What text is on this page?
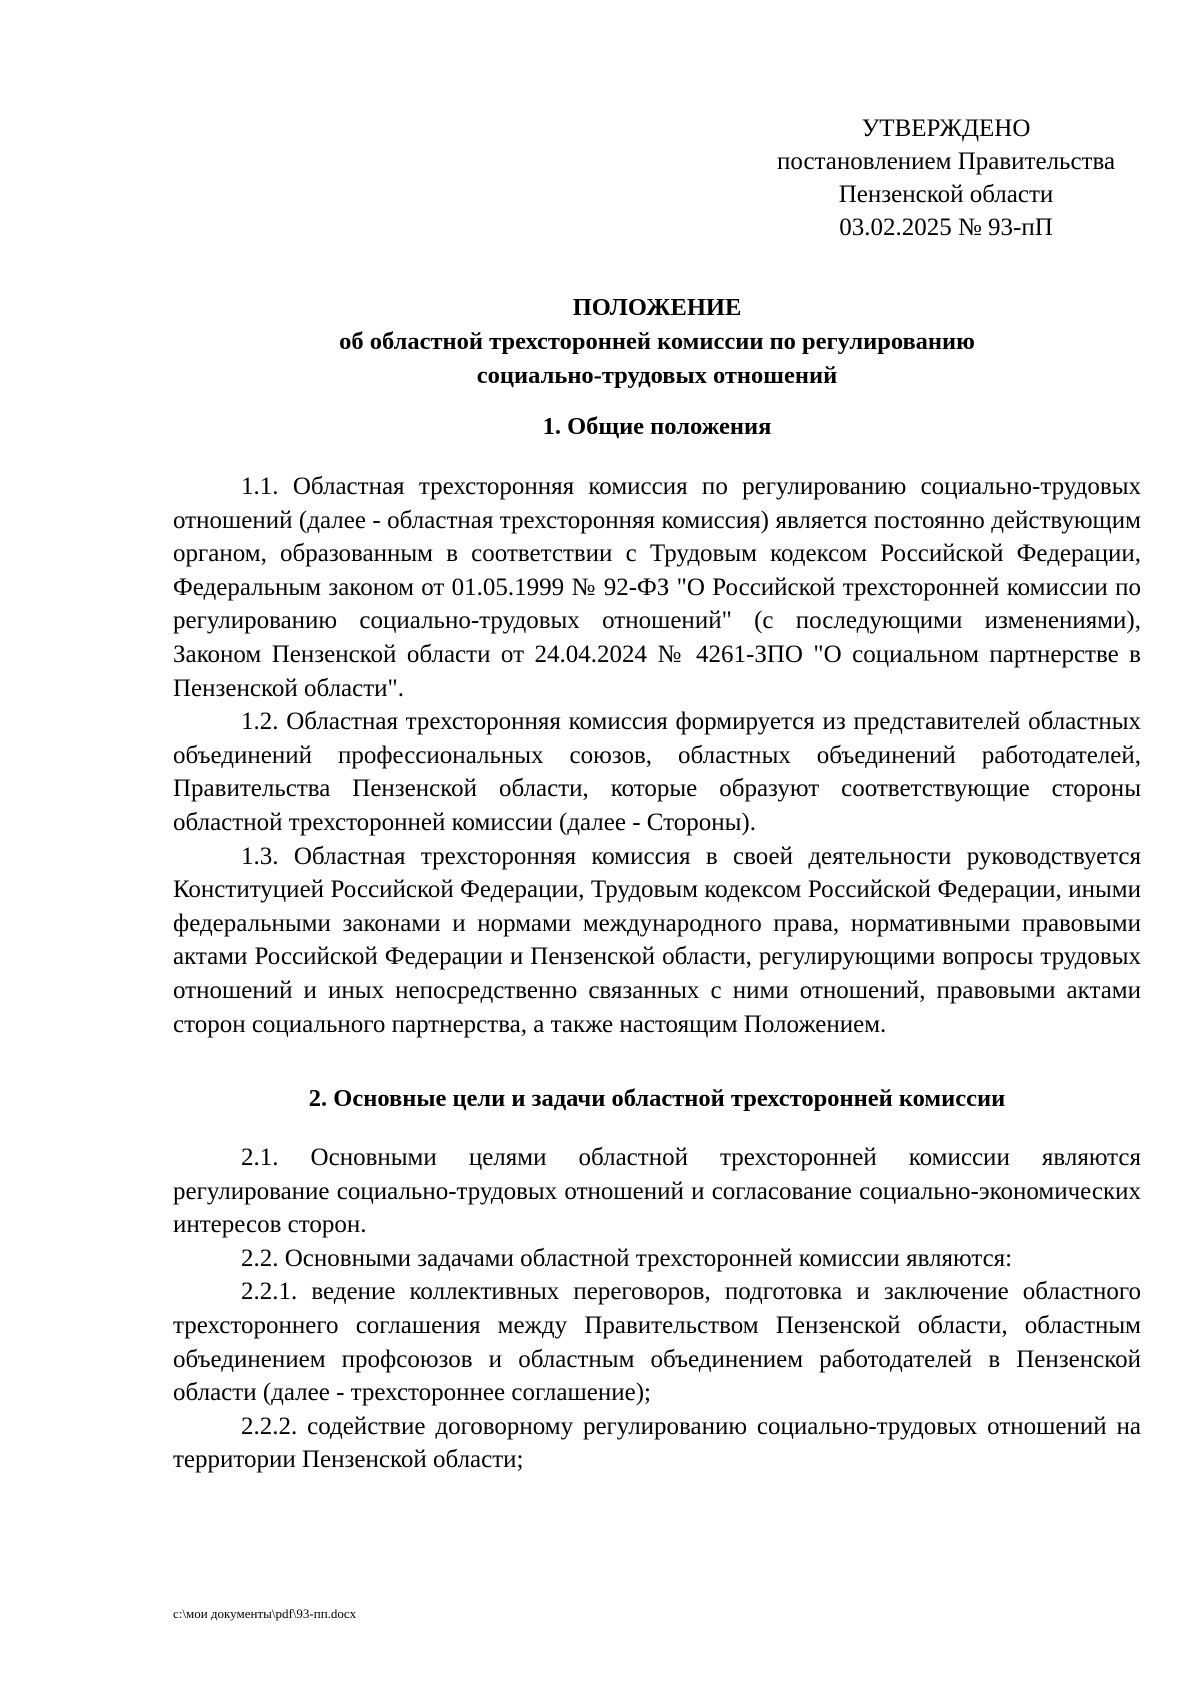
УТВЕРЖДЕНО
постановлением Правительства
Пензенской области
03.02.2025 № 93-пП
ПОЛОЖЕНИЕ
об областной трехсторонней комиссии по регулированию
социально-трудовых отношений
1. Общие положения

1.1. Областная трехсторонняя комиссия по регулированию социально-трудовых отношений (далее - областная трехсторонняя комиссия) является постоянно действующим органом, образованным в соответствии с Трудовым кодексом Российской Федерации, Федеральным законом от 01.05.1999 № 92-ФЗ "О Российской трехсторонней комиссии по регулированию социально-трудовых отношений" (с последующими изменениями), Законом Пензенской области от 24.04.2024 № 4261-ЗПО "О социальном партнерстве в Пензенской области".

1.2. Областная трехсторонняя комиссия формируется из представителей областных объединений профессиональных союзов, областных объединений работодателей, Правительства Пензенской области, которые образуют соответствующие стороны областной трехсторонней комиссии (далее - Стороны).

1.3. Областная трехсторонняя комиссия в своей деятельности руководствуется Конституцией Российской Федерации, Трудовым кодексом Российской Федерации, иными федеральными законами и нормами международного права, нормативными правовыми актами Российской Федерации и Пензенской области, регулирующими вопросы трудовых отношений и иных непосредственно связанных с ними отношений, правовыми актами сторон социального партнерства, а также настоящим Положением.

2. Основные цели и задачи областной трехсторонней комиссии

2.1. Основными целями областной трехсторонней комиссии являются регулирование социально-трудовых отношений и согласование социально-экономических интересов сторон.

2.2. Основными задачами областной трехсторонней комиссии являются:

2.2.1. ведение коллективных переговоров, подготовка и заключение областного трехстороннего соглашения между Правительством Пензенской области, областным объединением профсоюзов и областным объединением работодателей в Пензенской области (далее - трехстороннее соглашение);

2.2.2. содействие договорному регулированию социально-трудовых отношений на территории Пензенской области;

c:\мои документы\pdf\93-пп.docx
